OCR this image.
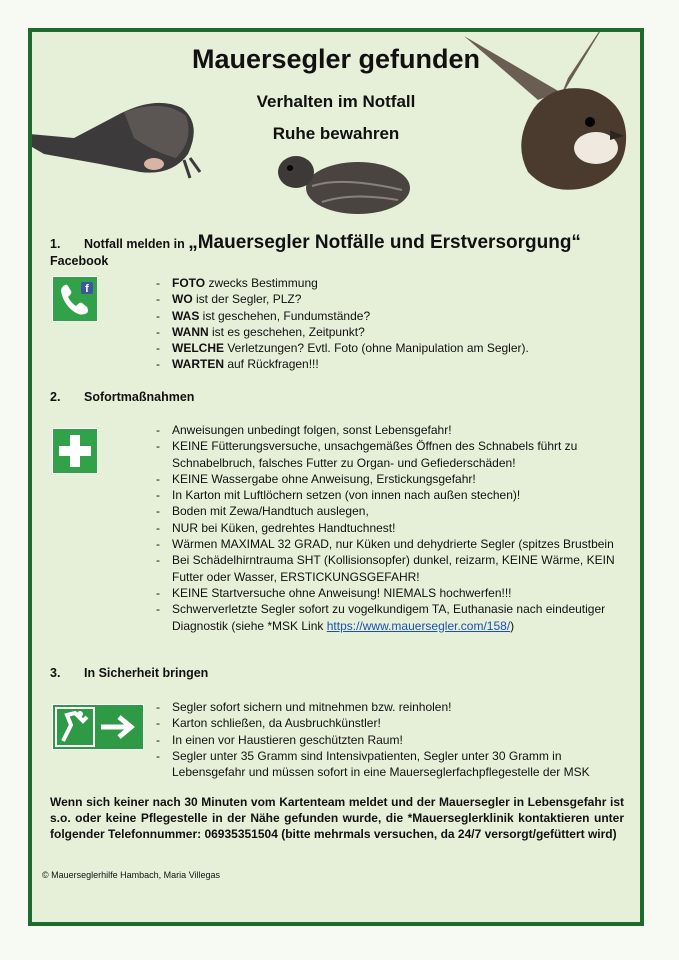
Mauersegler gefunden
Verhalten im Notfall
Ruhe bewahren
1. Notfall melden in „Mauersegler Notfälle und Erstversorgung“ Facebook
f
-	FOTO zwecks Bestimmung
- WO ist der Segler, PLZ?
- WAS ist geschehen, Fundumstände?
- WANN ist es geschehen, Zeitpunkt?
- WELCHE Verletzungen? Evtl. Foto (ohne Manipulation am Segler).
- WARTEN auf Rückfragen!!!
2. Sofortmaßnahmen
- Anweisungen unbedingt folgen, sonst Lebensgefahr!
- KEINE Fütterungsversuche, unsachgemäßes Öffnen des Schnabels führt zu Schnabelbruch, falsches Futter zu Organ- und Gefiederschäden!
- KEINE Wassergabe ohne Anweisung, Erstickungsgefahr!
- In Karton mit Luftlöchern setzen (von innen nach außen stechen)!
- Boden mit Zewa/Handtuch auslegen,
- NUR bei Küken, gedrehtes Handtuchnest!
- Wärmen MAXIMAL 32 GRAD, nur Küken und dehydrierte Segler (spitzes Brustbein
- Bei Schädelhirntrauma SHT (Kollisionsopfer) dunkel, reizarm, KEINE Wärme, KEIN Futter oder Wasser, ERSTICKUNGSGEFAHR!
- KEINE Startversuche ohne Anweisung! NIEMALS hochwerfen!!!
- Schwerverletzte Segler sofort zu vogelkundigem TA, Euthanasie nach eindeutiger Diagnostik (siehe *MSK Link https://www.mauersegler.com/158/)
3. In Sicherheit bringen
- Segler sofort sichern und mitnehmen bzw. reinholen!
- Karton schließen, da Ausbruchkünstler!
- In einen vor Haustieren geschützten Raum!
- Segler unter 35 Gramm sind Intensivpatienten, Segler unter 30 Gramm in Lebensgefahr und müssen sofort in eine Mauerseglerfachpflegestelle der MSK
Wenn sich keiner nach 30 Minuten vom Kartenteam meldet und der Mauersegler in Lebensgefahr ist s.o. oder keine Pflegestelle in der Nähe gefunden wurde, die *Mauerseglerklinik kontaktieren unter folgender Telefonnummer: 06935351504 (bitte mehrmals versuchen, da 24/7 versorgt/gefüttert wird)
© Mauerseglerhilfe Hambach, Maria Villegas
